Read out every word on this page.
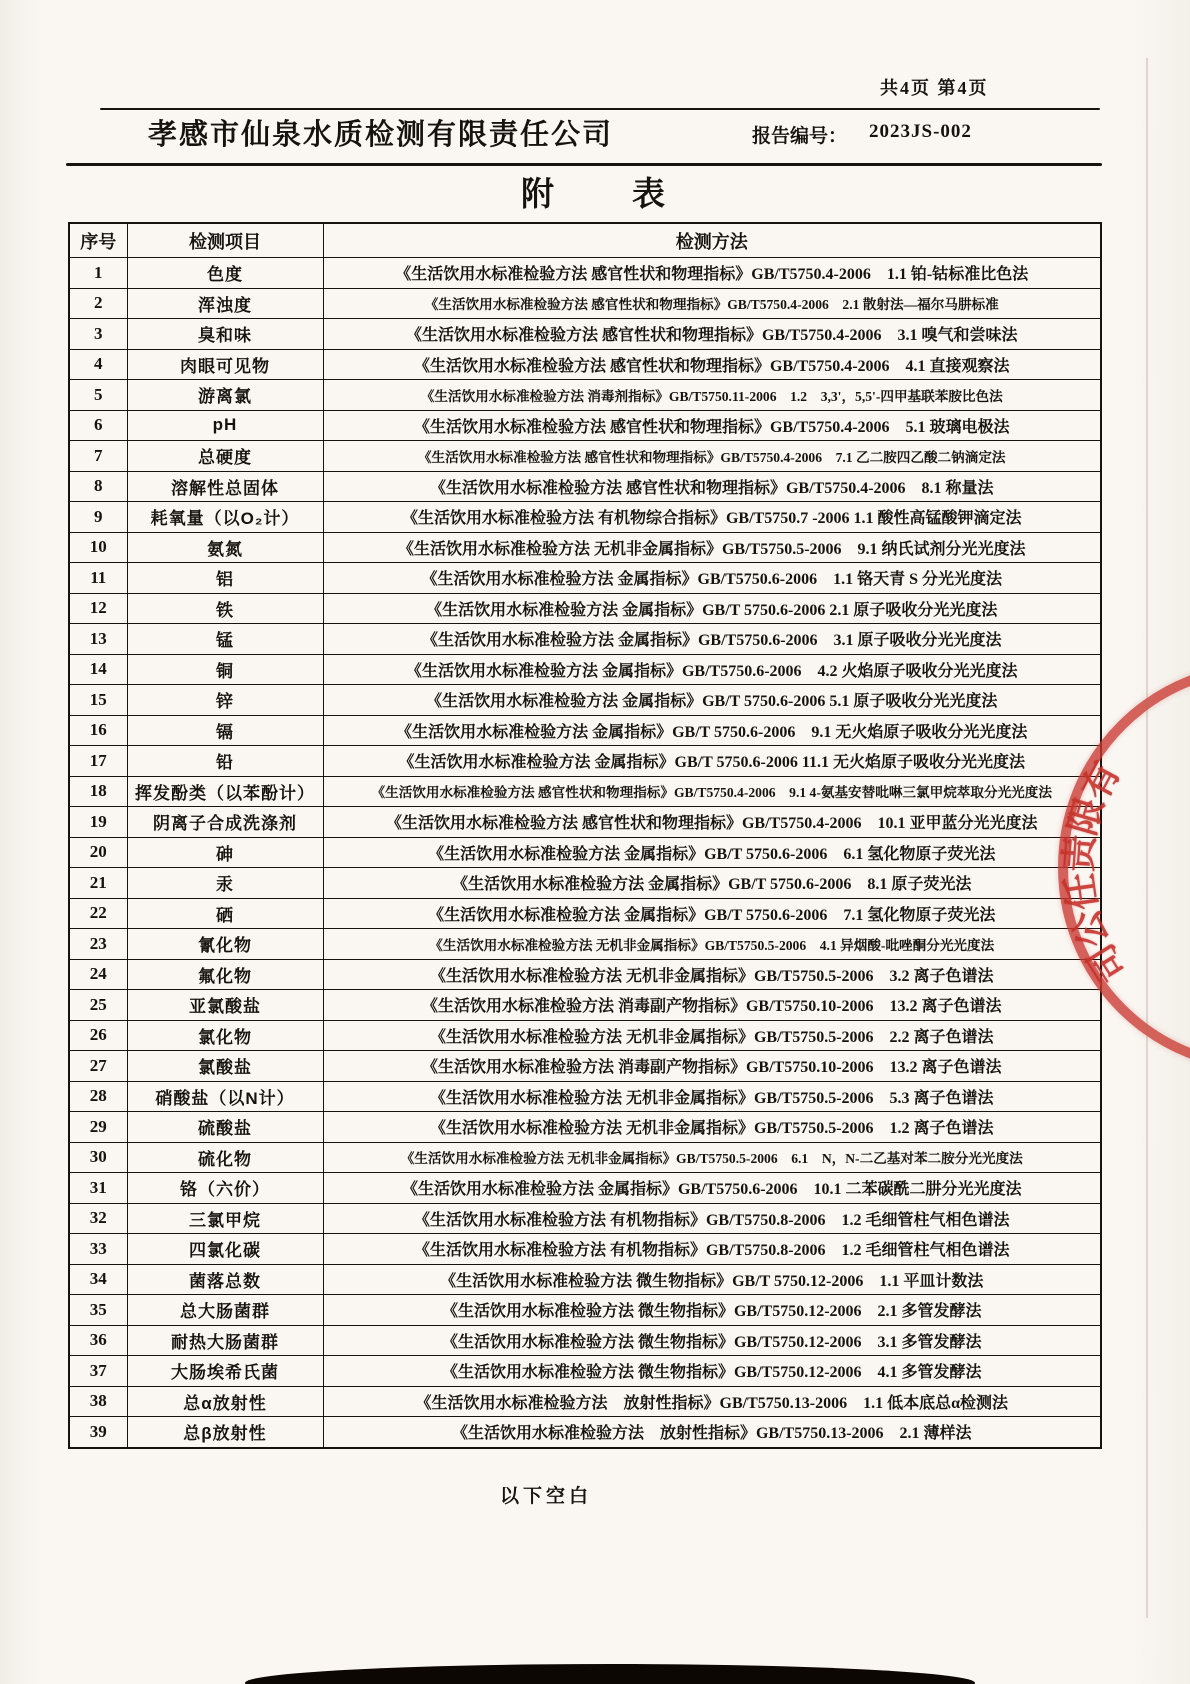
共4页 第4页
孝感市仙泉水质检测有限责任公司	报告编号： 2023JS-002
附　　表
序号	检测项目	检测方法
1	色度	《生活饮用水标准检验方法 感官性状和物理指标》GB/T5750.4-2006　1.1 铂-钴标准比色法
2	浑浊度	《生活饮用水标准检验方法 感官性状和物理指标》GB/T5750.4-2006　2.1 散射法—福尔马肼标准
3	臭和味	《生活饮用水标准检验方法 感官性状和物理指标》GB/T5750.4-2006　3.1 嗅气和尝味法
4	肉眼可见物	《生活饮用水标准检验方法 感官性状和物理指标》GB/T5750.4-2006　4.1 直接观察法
5	游离氯	《生活饮用水标准检验方法 消毒剂指标》GB/T5750.11-2006　1.2　3,3'，5,5'-四甲基联苯胺比色法
6	pH	《生活饮用水标准检验方法 感官性状和物理指标》GB/T5750.4-2006　5.1 玻璃电极法
7	总硬度	《生活饮用水标准检验方法 感官性状和物理指标》GB/T5750.4-2006　7.1 乙二胺四乙酸二钠滴定法
8	溶解性总固体	《生活饮用水标准检验方法 感官性状和物理指标》GB/T5750.4-2006　8.1 称量法
9	耗氧量（以O₂计）	《生活饮用水标准检验方法 有机物综合指标》GB/T5750.7 -2006 1.1 酸性高锰酸钾滴定法
10	氨氮	《生活饮用水标准检验方法 无机非金属指标》GB/T5750.5-2006　9.1 纳氏试剂分光光度法
11	铝	《生活饮用水标准检验方法 金属指标》GB/T5750.6-2006　1.1 铬天青 S 分光光度法
12	铁	《生活饮用水标准检验方法 金属指标》GB/T 5750.6-2006 2.1 原子吸收分光光度法
13	锰	《生活饮用水标准检验方法 金属指标》GB/T5750.6-2006　3.1 原子吸收分光光度法
14	铜	《生活饮用水标准检验方法 金属指标》GB/T5750.6-2006　4.2 火焰原子吸收分光光度法
15	锌	《生活饮用水标准检验方法 金属指标》GB/T 5750.6-2006 5.1 原子吸收分光光度法
16	镉	《生活饮用水标准检验方法 金属指标》GB/T 5750.6-2006　9.1 无火焰原子吸收分光光度法
17	铅	《生活饮用水标准检验方法 金属指标》GB/T 5750.6-2006 11.1 无火焰原子吸收分光光度法
18	挥发酚类（以苯酚计）	《生活饮用水标准检验方法 感官性状和物理指标》GB/T5750.4-2006　9.1 4-氨基安替吡啉三氯甲烷萃取分光光度法
19	阴离子合成洗涤剂	《生活饮用水标准检验方法 感官性状和物理指标》GB/T5750.4-2006　10.1 亚甲蓝分光光度法
20	砷	《生活饮用水标准检验方法 金属指标》GB/T 5750.6-2006　6.1 氢化物原子荧光法
21	汞	《生活饮用水标准检验方法 金属指标》GB/T 5750.6-2006　8.1 原子荧光法
22	硒	《生活饮用水标准检验方法 金属指标》GB/T 5750.6-2006　7.1 氢化物原子荧光法
23	氰化物	《生活饮用水标准检验方法 无机非金属指标》GB/T5750.5-2006　4.1 异烟酸-吡唑酮分光光度法
24	氟化物	《生活饮用水标准检验方法 无机非金属指标》GB/T5750.5-2006　3.2 离子色谱法
25	亚氯酸盐	《生活饮用水标准检验方法 消毒副产物指标》GB/T5750.10-2006　13.2 离子色谱法
26	氯化物	《生活饮用水标准检验方法 无机非金属指标》GB/T5750.5-2006　2.2 离子色谱法
27	氯酸盐	《生活饮用水标准检验方法 消毒副产物指标》GB/T5750.10-2006　13.2 离子色谱法
28	硝酸盐（以N计）	《生活饮用水标准检验方法 无机非金属指标》GB/T5750.5-2006　5.3 离子色谱法
29	硫酸盐	《生活饮用水标准检验方法 无机非金属指标》GB/T5750.5-2006　1.2 离子色谱法
30	硫化物	《生活饮用水标准检验方法 无机非金属指标》GB/T5750.5-2006　6.1　N，N-二乙基对苯二胺分光光度法
31	铬（六价）	《生活饮用水标准检验方法 金属指标》GB/T5750.6-2006　10.1 二苯碳酰二肼分光光度法
32	三氯甲烷	《生活饮用水标准检验方法 有机物指标》GB/T5750.8-2006　1.2 毛细管柱气相色谱法
33	四氯化碳	《生活饮用水标准检验方法 有机物指标》GB/T5750.8-2006　1.2 毛细管柱气相色谱法
34	菌落总数	《生活饮用水标准检验方法 微生物指标》GB/T 5750.12-2006　1.1 平皿计数法
35	总大肠菌群	《生活饮用水标准检验方法 微生物指标》GB/T5750.12-2006　2.1 多管发酵法
36	耐热大肠菌群	《生活饮用水标准检验方法 微生物指标》GB/T5750.12-2006　3.1 多管发酵法
37	大肠埃希氏菌	《生活饮用水标准检验方法 微生物指标》GB/T5750.12-2006　4.1 多管发酵法
38	总α放射性	《生活饮用水标准检验方法　放射性指标》GB/T5750.13-2006　1.1 低本底总α检测法
39	总β放射性	《生活饮用水标准检验方法　放射性指标》GB/T5750.13-2006　2.1 薄样法
以下空白
有
限
责
任
公
司
